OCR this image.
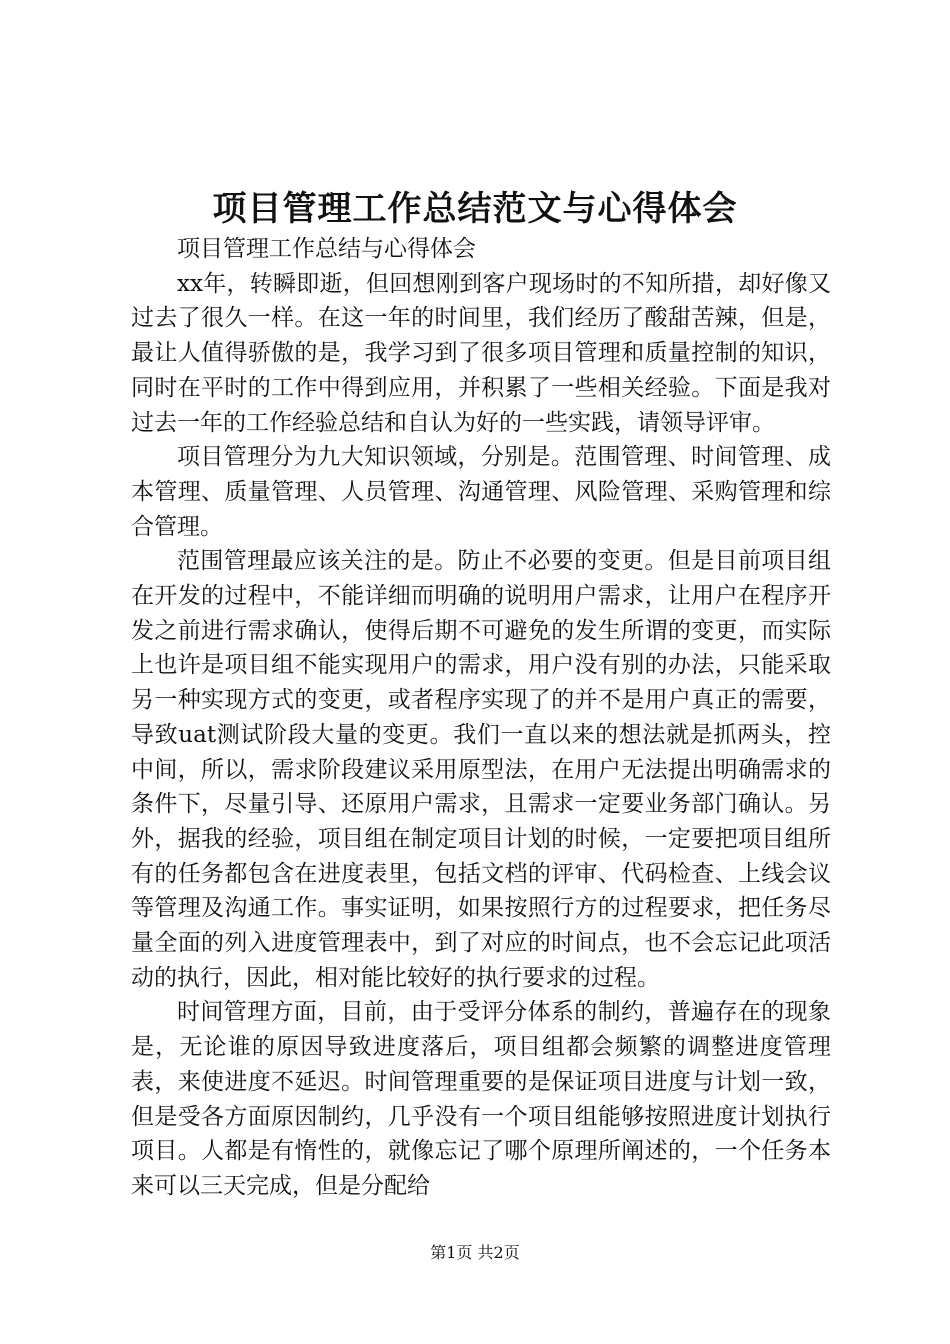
项目管理工作总结范文与心得体会

项目管理工作总结与心得体会

xx年，转瞬即逝，但回想刚到客户现场时的不知所措，却好像又过去了很久一样。在这一年的时间里，我们经历了酸甜苦辣，但是，最让人值得骄傲的是，我学习到了很多项目管理和质量控制的知识，同时在平时的工作中得到应用，并积累了一些相关经验。下面是我对过去一年的工作经验总结和自认为好的一些实践，请领导评审。

项目管理分为九大知识领域，分别是。范围管理、时间管理、成本管理、质量管理、人员管理、沟通管理、风险管理、采购管理和综合管理。

范围管理最应该关注的是。防止不必要的变更。但是目前项目组在开发的过程中，不能详细而明确的说明用户需求，让用户在程序开发之前进行需求确认，使得后期不可避免的发生所谓的变更，而实际上也许是项目组不能实现用户的需求，用户没有别的办法，只能采取另一种实现方式的变更，或者程序实现了的并不是用户真正的需要，导致uat测试阶段大量的变更。我们一直以来的想法就是抓两头，控中间，所以，需求阶段建议采用原型法，在用户无法提出明确需求的条件下，尽量引导、还原用户需求，且需求一定要业务部门确认。另外，据我的经验，项目组在制定项目计划的时候，一定要把项目组所有的任务都包含在进度表里，包括文档的评审、代码检查、上线会议等管理及沟通工作。事实证明，如果按照行方的过程要求，把任务尽量全面的列入进度管理表中，到了对应的时间点，也不会忘记此项活动的执行，因此，相对能比较好的执行要求的过程。

时间管理方面，目前，由于受评分体系的制约，普遍存在的现象是，无论谁的原因导致进度落后，项目组都会频繁的调整进度管理表，来使进度不延迟。时间管理重要的是保证项目进度与计划一致，但是受各方面原因制约，几乎没有一个项目组能够按照进度计划执行项目。人都是有惰性的，就像忘记了哪个原理所阐述的，一个任务本来可以三天完成，但是分配给

第1页 共2页
